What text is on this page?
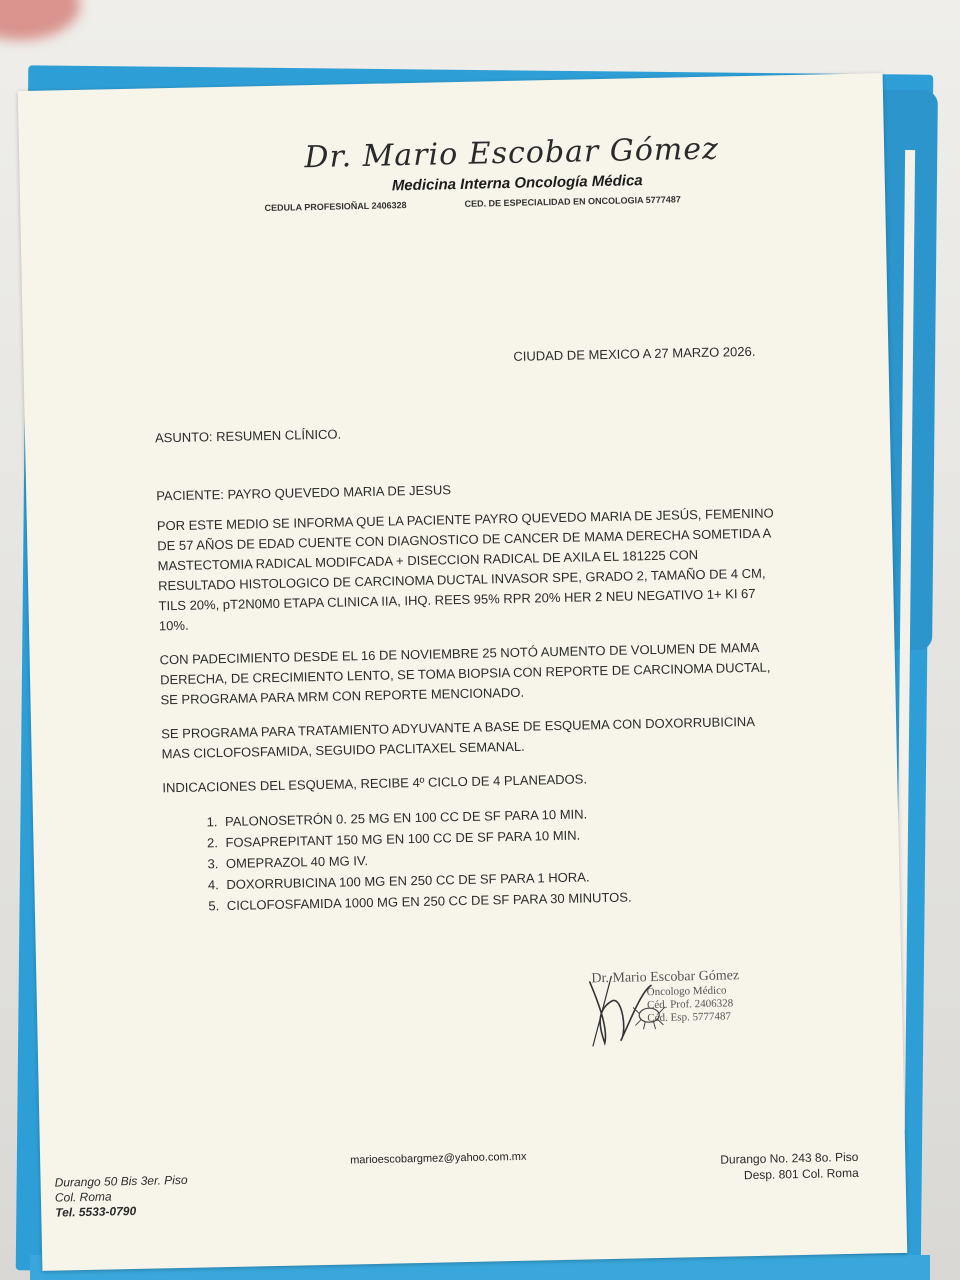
Dr. Mario Escobar Gómez
Medicina Interna Oncología Médica
CEDULA PROFESIOÑAL 2406328	CED. DE ESPECIALIDAD EN ONCOLOGIA 5777487
CIUDAD DE MEXICO A 27 MARZO 2026.

ASUNTO: RESUMEN CLÍNICO.

PACIENTE: PAYRO QUEVEDO MARIA DE JESUS

POR ESTE MEDIO SE INFORMA QUE LA PACIENTE PAYRO QUEVEDO MARIA DE JESÚS, FEMENINO DE 57 AÑOS DE EDAD CUENTE CON DIAGNOSTICO DE CANCER DE MAMA DERECHA SOMETIDA A MASTECTOMIA RADICAL MODIFCADA + DISECCION RADICAL DE AXILA EL 181225 CON RESULTADO HISTOLOGICO DE CARCINOMA DUCTAL INVASOR SPE, GRADO 2, TAMAÑO DE 4 CM, TILS 20%, pT2N0M0 ETAPA CLINICA IIA, IHQ. REES 95% RPR 20% HER 2 NEU NEGATIVO 1+ KI 67 10%.

CON PADECIMIENTO DESDE EL 16 DE NOVIEMBRE 25 NOTÓ AUMENTO DE VOLUMEN DE MAMA DERECHA, DE CRECIMIENTO LENTO, SE TOMA BIOPSIA CON REPORTE DE CARCINOMA DUCTAL, SE PROGRAMA PARA MRM CON REPORTE MENCIONADO.

SE PROGRAMA PARA TRATAMIENTO ADYUVANTE A BASE DE ESQUEMA CON DOXORRUBICINA MAS CICLOFOSFAMIDA, SEGUIDO PACLITAXEL SEMANAL.

INDICACIONES DEL ESQUEMA, RECIBE 4º CICLO DE 4 PLANEADOS.

1. PALONOSETRÓN 0. 25 MG EN 100 CC DE SF PARA 10 MIN.
2. FOSAPREPITANT 150 MG EN 100 CC DE SF PARA 10 MIN.
3. OMEPRAZOL 40 MG IV.
4. DOXORRUBICINA 100 MG EN 250 CC DE SF PARA 1 HORA.
5. CICLOFOSFAMIDA 1000 MG EN 250 CC DE SF PARA 30 MINUTOS.
Dr. Mario Escobar Gómez
Oncologo Médico
Céd. Prof. 2406328
Céd. Esp. 5777487
marioescobargmez@yahoo.com.mx
Durango 50 Bis 3er. Piso
Col. Roma
Tel. 5533-0790
Durango No. 243 8o. Piso
Desp. 801 Col. Roma
